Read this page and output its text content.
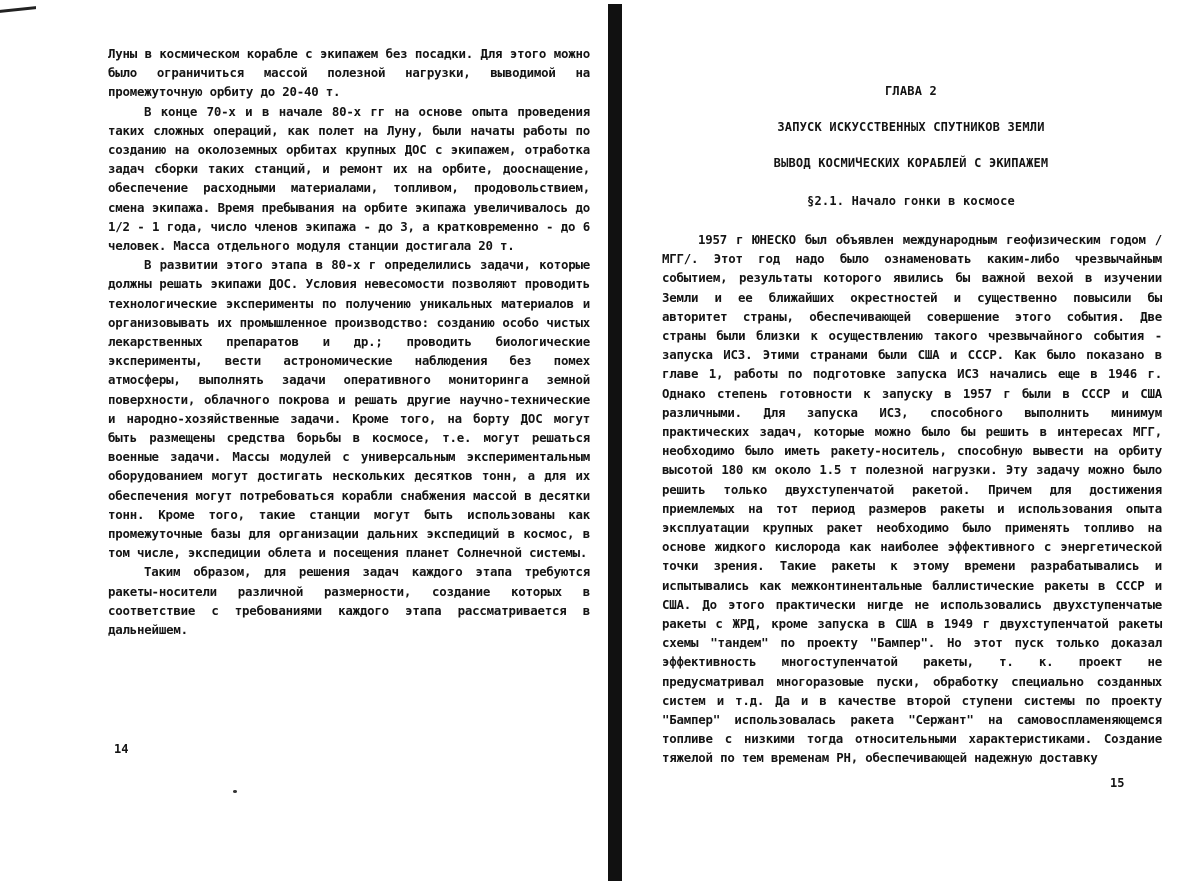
Луны в космическом корабле с экипажем без посадки. Для этого можно было ограничиться массой полезной нагрузки, выводимой на промежуточную орбиту до 20-40 т.

В конце 70-х и в начале 80-х гг на основе опыта проведения таких сложных операций, как полет на Луну, были начаты работы по созданию на околоземных орбитах крупных ДОС с экипажем, отработка задач сборки таких станций, и ремонт их на орбите, дооснащение, обеспечение расходными материалами, топливом, продовольствием, смена экипажа. Время пребывания на орбите экипажа увеличивалось до 1/2 - 1 года, число членов экипажа - до 3, а кратковременно - до 6 человек. Масса отдельного модуля станции достигала 20 т.

В развитии этого этапа в 80-х г определились задачи, которые должны решать экипажи ДОС. Условия невесомости позволяют проводить технологические эксперименты по получению уникальных материалов и организовывать их промышленное производство: созданию особо чистых лекарственных препаратов и др.; проводить биологические эксперименты, вести астрономические наблюдения без помех атмосферы, выполнять задачи оперативного мониторинга земной поверхности, облачного покрова и решать другие научно-технические и народно-хозяйственные задачи. Кроме того, на борту ДОС могут быть размещены средства борьбы в космосе, т.е. могут решаться военные задачи. Массы модулей с универсальным экспериментальным оборудованием могут достигать нескольких десятков тонн, а для их обеспечения могут потребоваться корабли снабжения массой в десятки тонн. Кроме того, такие станции могут быть использованы как промежуточные базы для организации дальних экспедиций в космос, в том числе, экспедиции облета и посещения планет Солнечной системы.

Таким образом, для решения задач каждого этапа требуются ракеты-носители различной размерности, создание которых в соответствие с требованиями каждого этапа рассматривается в дальнейшем.

14

ГЛАВА 2

ЗАПУСК ИСКУССТВЕННЫХ СПУТНИКОВ ЗЕМЛИ

ВЫВОД КОСМИЧЕСКИХ КОРАБЛЕЙ С ЭКИПАЖЕМ

§2.1. Начало гонки в космосе

1957 г ЮНЕСКО был объявлен международным геофизическим годом /МГГ/. Этот год надо было ознаменовать каким-либо чрезвычайным событием, результаты которого явились бы важной вехой в изучении Земли и ее ближайших окрестностей и существенно повысили бы авторитет страны, обеспечивающей совершение этого события. Две страны были близки к осуществлению такого чрезвычайного события - запуска ИСЗ. Этими странами были США и СССР. Как было показано в главе 1, работы по подготовке запуска ИСЗ начались еще в 1946 г. Однако степень готовности к запуску в 1957 г были в СССР и США различными. Для запуска ИСЗ, способного выполнить минимум практических задач, которые можно было бы решить в интересах МГГ, необходимо было иметь ракету-носитель, способную вывести на орбиту высотой 180 км около 1.5 т полезной нагрузки. Эту задачу можно было решить только двухступенчатой ракетой. Причем для достижения приемлемых на тот период размеров ракеты и использования опыта эксплуатации крупных ракет необходимо было применять топливо на основе жидкого кислорода как наиболее эффективного с энергетической точки зрения. Такие ракеты к этому времени разрабатывались и испытывались как межконтинентальные баллистические ракеты в СССР и США. До этого практически нигде не использовались двухступенчатые ракеты с ЖРД, кроме запуска в США в 1949 г двухступенчатой ракеты схемы "тандем" по проекту "Бампер". Но этот пуск только доказал эффективность многоступенчатой ракеты, т. к. проект не предусматривал многоразовые пуски, обработку специально созданных систем и т.д. Да и в качестве второй ступени системы по проекту "Бампер" использовалась ракета "Сержант" на самовоспламеняющемся топливе с низкими тогда относительными характеристиками. Создание тяжелой по тем временам РН, обеспечивающей надежную доставку

15
